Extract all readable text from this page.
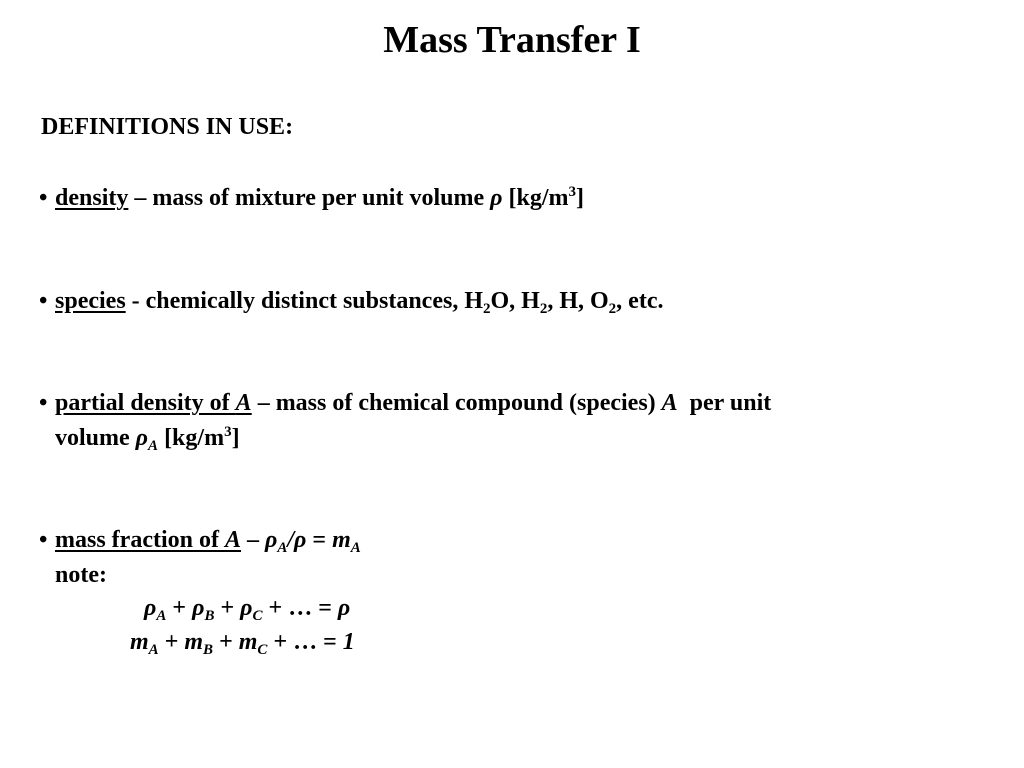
Mass Transfer I
DEFINITIONS IN USE:
• density – mass of mixture per unit volume ρ $[kg/m^3]$
• species - chemically distinct substances, $H_2O$, $H_2$, H, $O_2$, etc.
• partial density of A – mass of chemical compound (species) A  per unit
volume $\rho_A$ $[kg/m^3]$
• mass fraction of $A - \rho_A/\rho = m_A$
note:
$\rho_A + \rho_B + \rho_C$ + … = ρ
$m_A + m_B + m_C$ + … = 1
